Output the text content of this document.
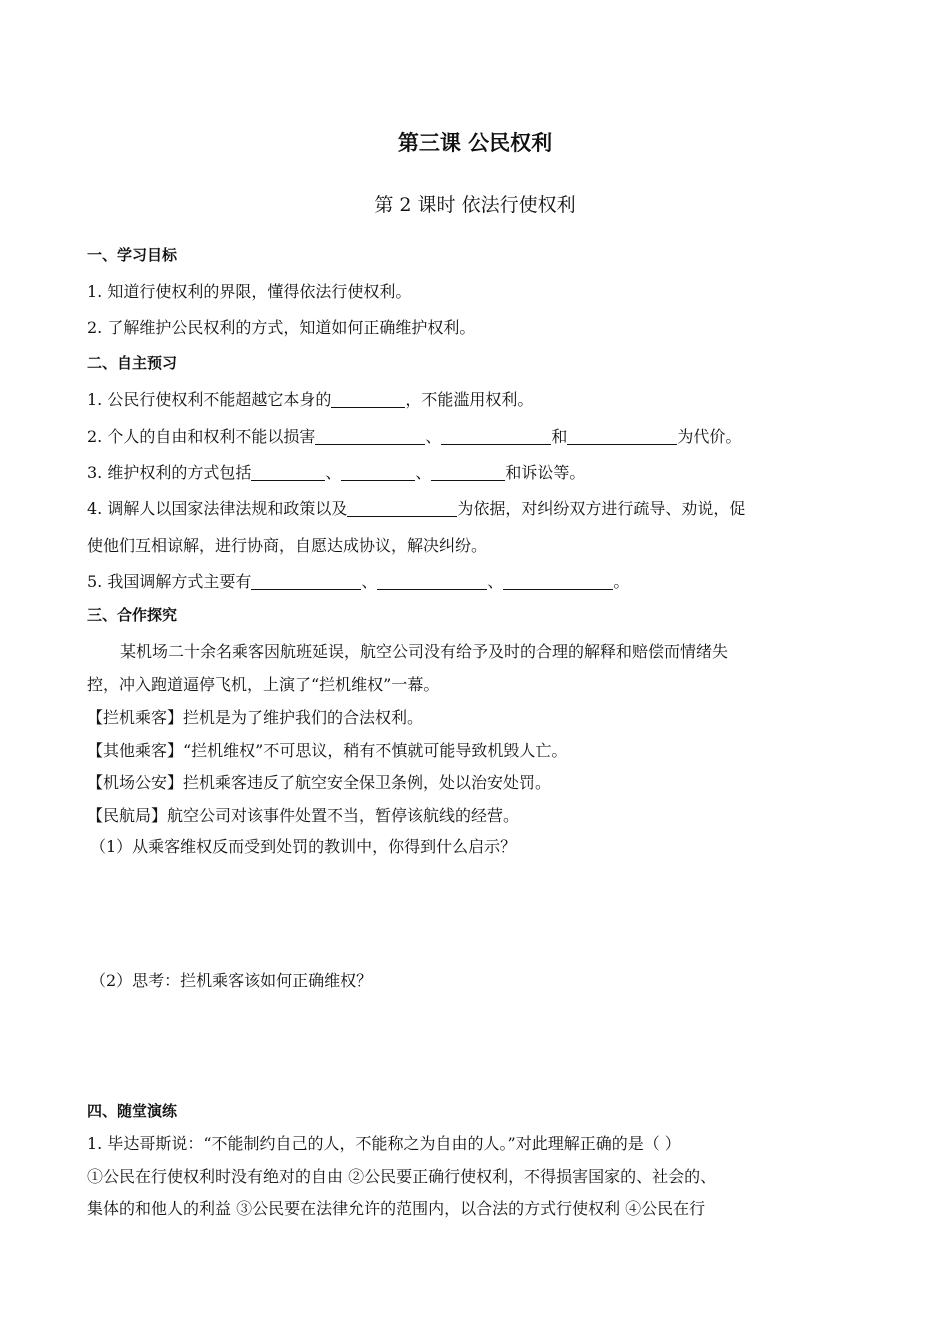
第三课 公民权利
第 2 课时 依法行使权利
一、学习目标
1. 知道行使权利的界限，懂得依法行使权利。
2. 了解维护公民权利的方式，知道如何正确维护权利。
二、自主预习
1. 公民行使权利不能超越它本身的	，不能滥用权利。
2. 个人的自由和权利不能以损害	、	和	为代价。
3. 维护权利的方式包括	、	、	和诉讼等。
4. 调解人以国家法律法规和政策以及	为依据，对纠纷双方进行疏导、劝说，促
使他们互相谅解，进行协商，自愿达成协议，解决纠纷。
5. 我国调解方式主要有	、	、	。
三、合作探究
某机场二十余名乘客因航班延误，航空公司没有给予及时的合理的解释和赔偿而情绪失
控，冲入跑道逼停飞机，上演了“拦机维权”一幕。
【拦机乘客】拦机是为了维护我们的合法权利。
【其他乘客】“拦机维权”不可思议，稍有不慎就可能导致机毁人亡。
【机场公安】拦机乘客违反了航空安全保卫条例，处以治安处罚。
【民航局】航空公司对该事件处置不当，暂停该航线的经营。
（1）从乘客维权反而受到处罚的教训中，你得到什么启示？
（2）思考：拦机乘客该如何正确维权？
四、随堂演练
1. 毕达哥斯说：“不能制约自己的人，不能称之为自由的人。”对此理解正确的是（ ）
①公民在行使权利时没有绝对的自由 ②公民要正确行使权利，不得损害国家的、社会的、
集体的和他人的利益 ③公民要在法律允许的范围内，以合法的方式行使权利 ④公民在行
